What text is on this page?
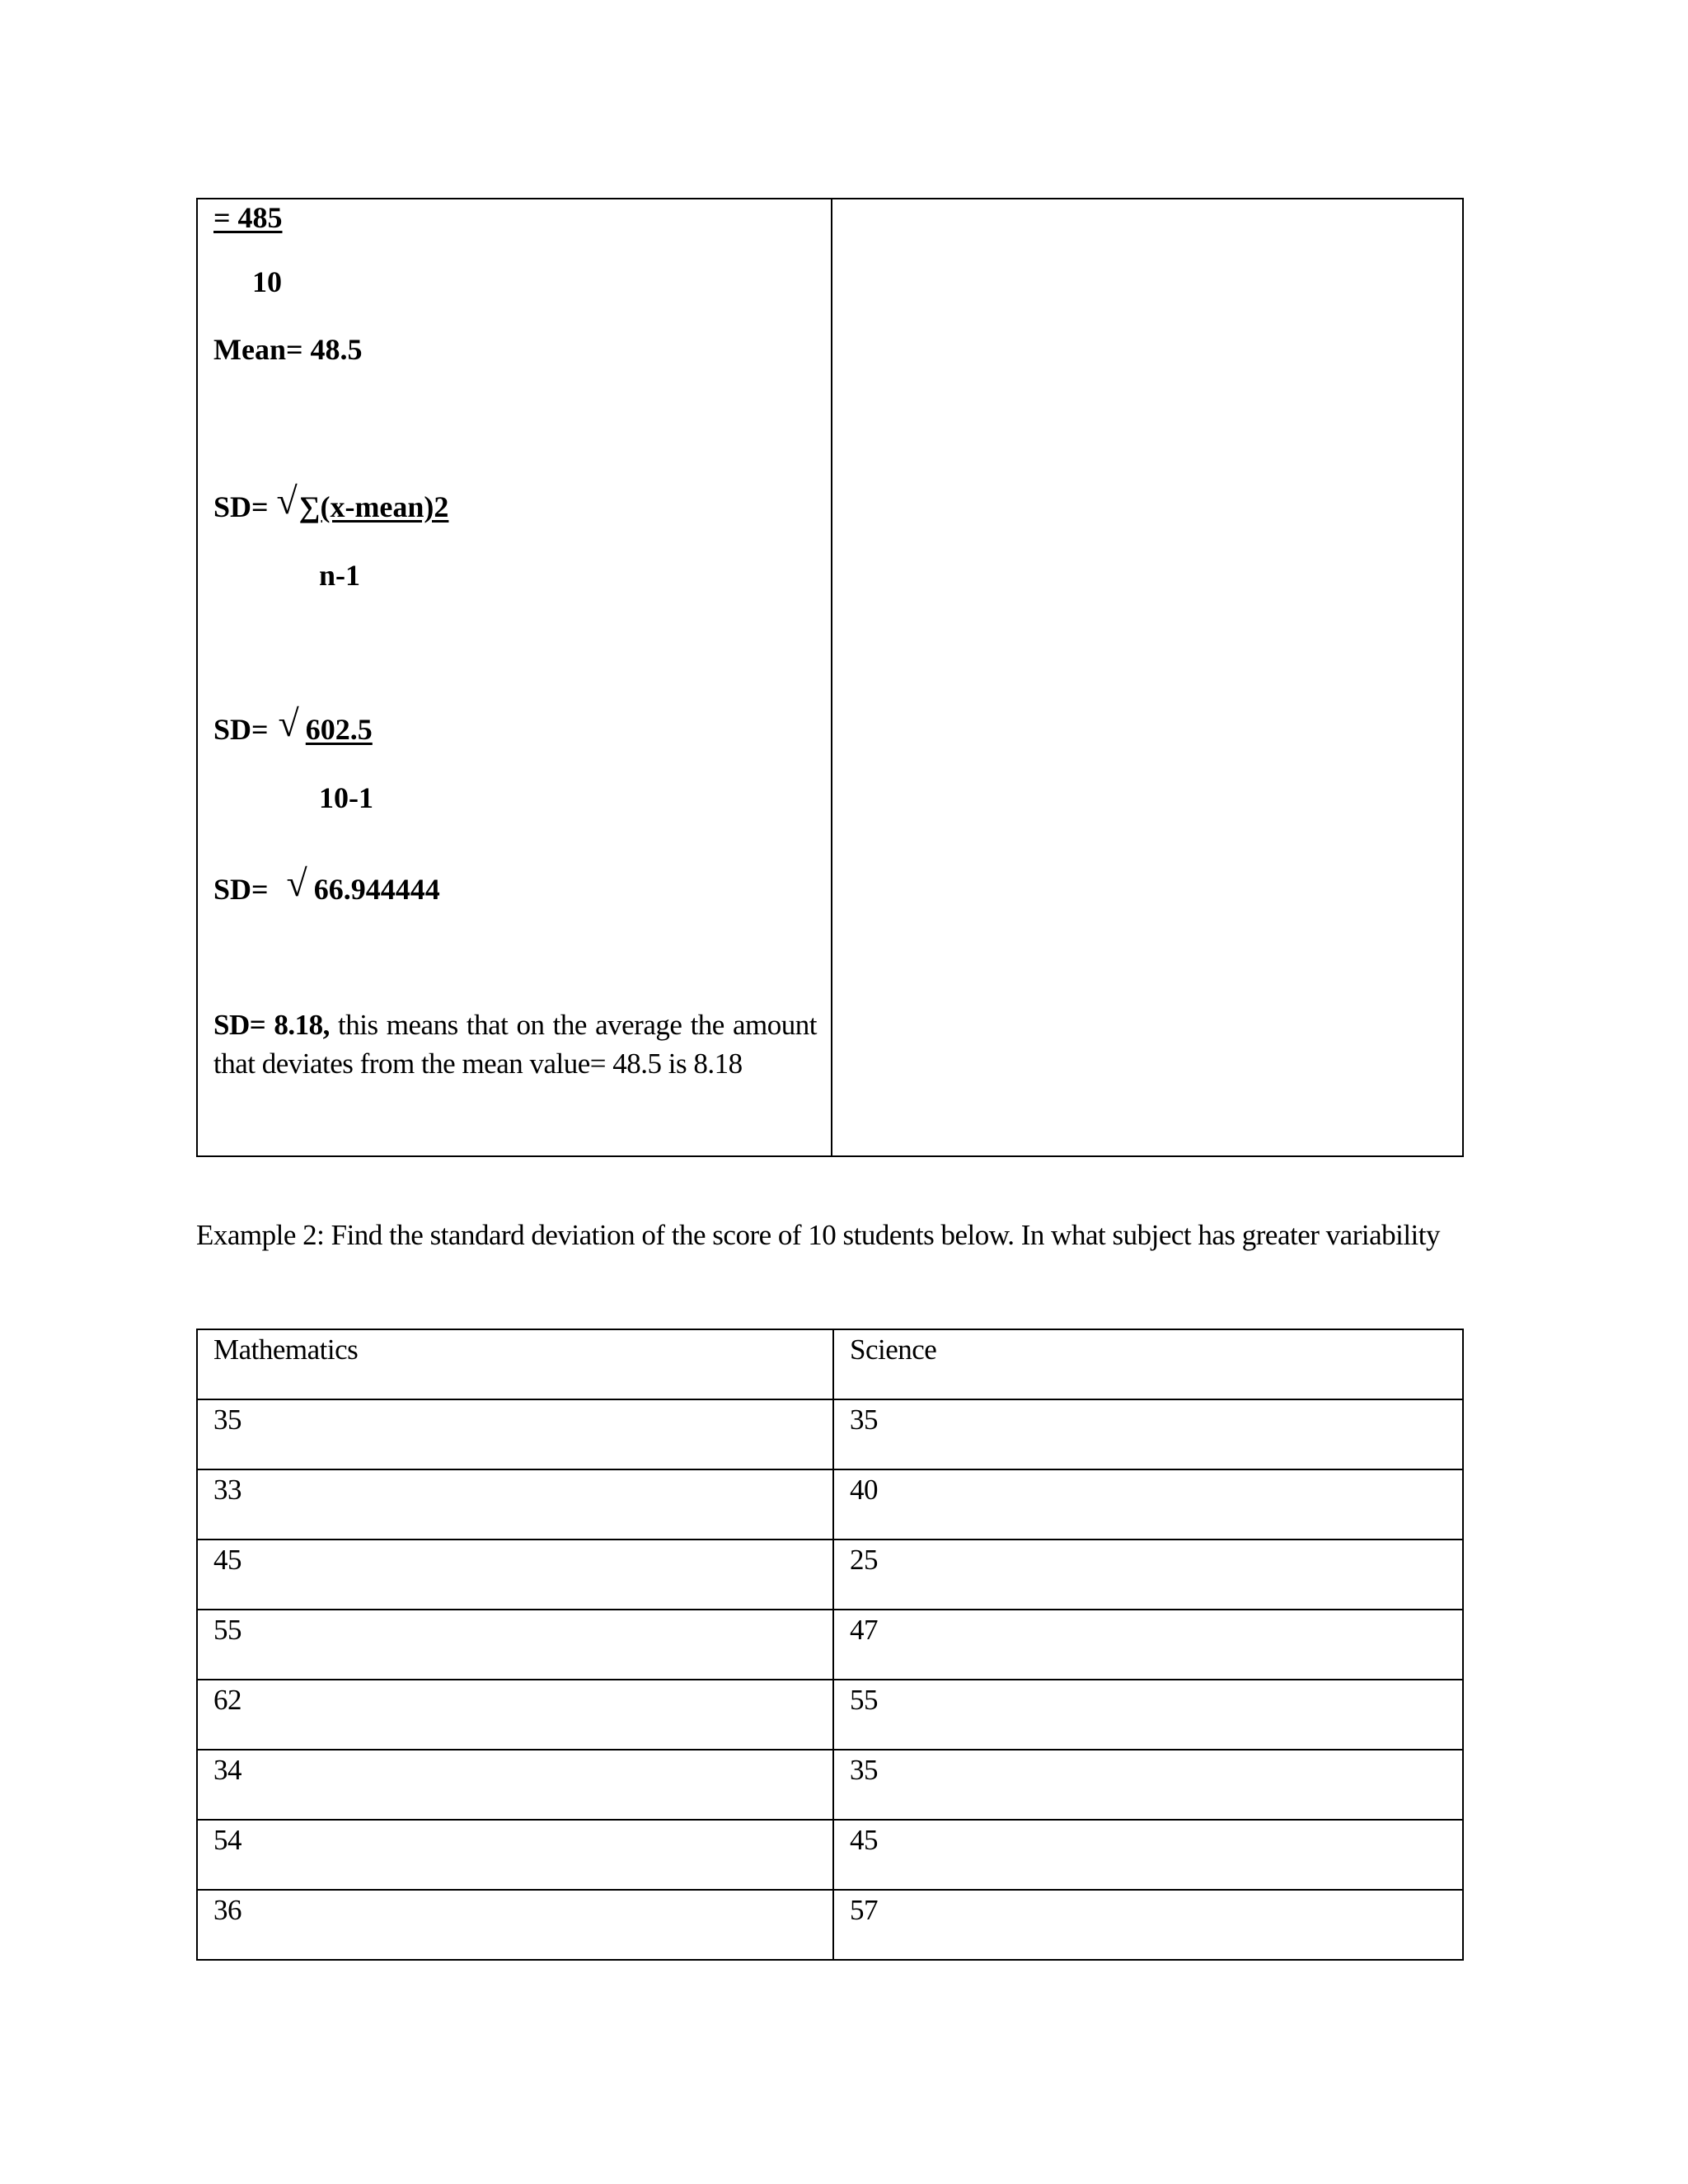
= 485
10
Mean= 48.5
SD= √∑(x-mean)2
n-1
SD= √ 602.5
10-1
SD= √ 66.944444
SD= 8.18, this means that on the average the amount that deviates from the mean value= 48.5 is 8.18
Example 2: Find the standard deviation of the score of 10 students below. In what subject has greater variability
Mathematics	Science
35	35
33	40
45	25
55	47
62	55
34	35
54	45
36	57
